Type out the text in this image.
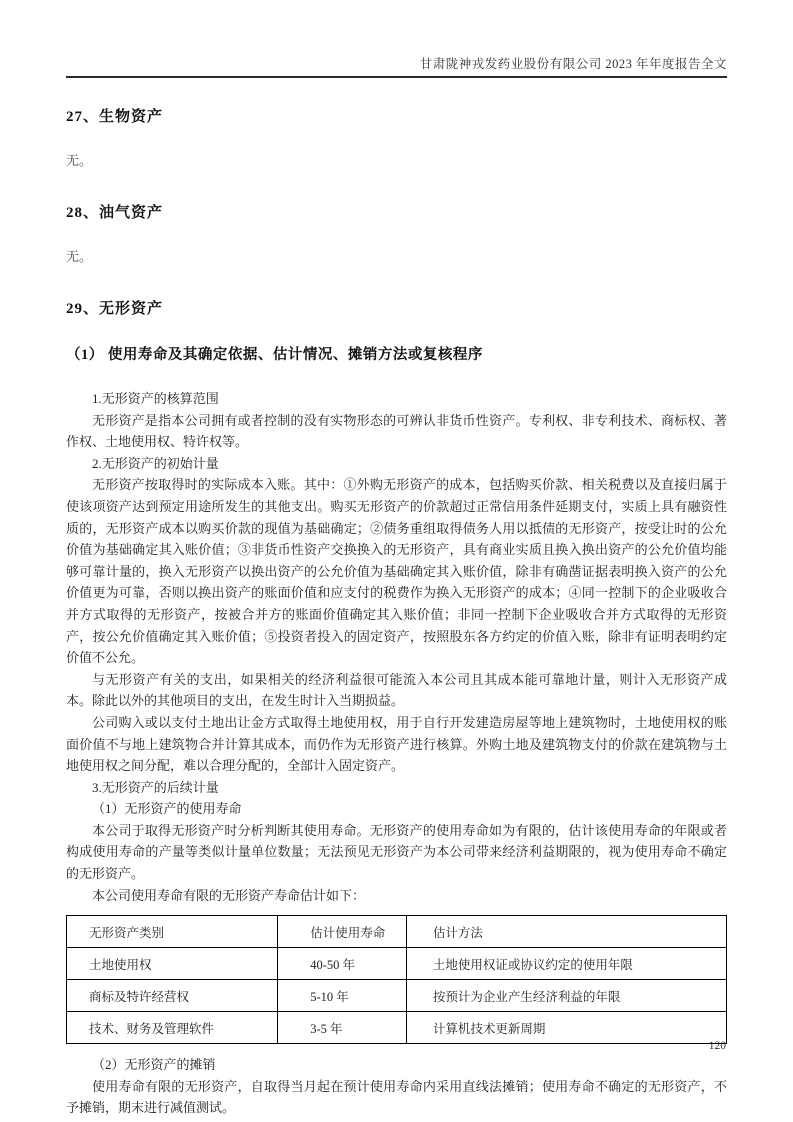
甘肃陇神戎发药业股份有限公司 2023 年年度报告全文
27、生物资产
无。
28、油气资产
无。
29、无形资产
（1） 使用寿命及其确定依据、估计情况、摊销方法或复核程序

1.无形资产的核算范围

无形资产是指本公司拥有或者控制的没有实物形态的可辨认非货币性资产。专利权、非专利技术、商标权、著作权、土地使用权、特许权等。

2.无形资产的初始计量

无形资产按取得时的实际成本入账。其中：①外购无形资产的成本，包括购买价款、相关税费以及直接归属于使该项资产达到预定用途所发生的其他支出。购买无形资产的价款超过正常信用条件延期支付，实质上具有融资性质的，无形资产成本以购买价款的现值为基础确定；②债务重组取得债务人用以抵债的无形资产，按受让时的公允价值为基础确定其入账价值；③非货币性资产交换换入的无形资产，具有商业实质且换入换出资产的公允价值均能够可靠计量的，换入无形资产以换出资产的公允价值为基础确定其入账价值，除非有确凿证据表明换入资产的公允价值更为可靠，否则以换出资产的账面价值和应支付的税费作为换入无形资产的成本；④同一控制下的企业吸收合并方式取得的无形资产，按被合并方的账面价值确定其入账价值；非同一控制下企业吸收合并方式取得的无形资产，按公允价值确定其入账价值；⑤投资者投入的固定资产，按照股东各方约定的价值入账，除非有证明表明约定价值不公允。

与无形资产有关的支出，如果相关的经济利益很可能流入本公司且其成本能可靠地计量，则计入无形资产成本。除此以外的其他项目的支出，在发生时计入当期损益。

公司购入或以支付土地出让金方式取得土地使用权，用于自行开发建造房屋等地上建筑物时，土地使用权的账面价值不与地上建筑物合并计算其成本，而仍作为无形资产进行核算。外购土地及建筑物支付的价款在建筑物与土地使用权之间分配，难以合理分配的，全部计入固定资产。

3.无形资产的后续计量

（1）无形资产的使用寿命

本公司于取得无形资产时分析判断其使用寿命。无形资产的使用寿命如为有限的，估计该使用寿命的年限或者构成使用寿命的产量等类似计量单位数量；无法预见无形资产为本公司带来经济利益期限的，视为使用寿命不确定的无形资产。

本公司使用寿命有限的无形资产寿命估计如下：

无形资产类别	估计使用寿命	估计方法
土地使用权	40-50 年	土地使用权证或协议约定的使用年限
商标及特许经营权	5-10 年	按预计为企业产生经济利益的年限
技术、财务及管理软件	3-5 年	计算机技术更新周期

（2）无形资产的摊销

使用寿命有限的无形资产，自取得当月起在预计使用寿命内采用直线法摊销；使用寿命不确定的无形资产，不予摊销，期末进行减值测试。

120
